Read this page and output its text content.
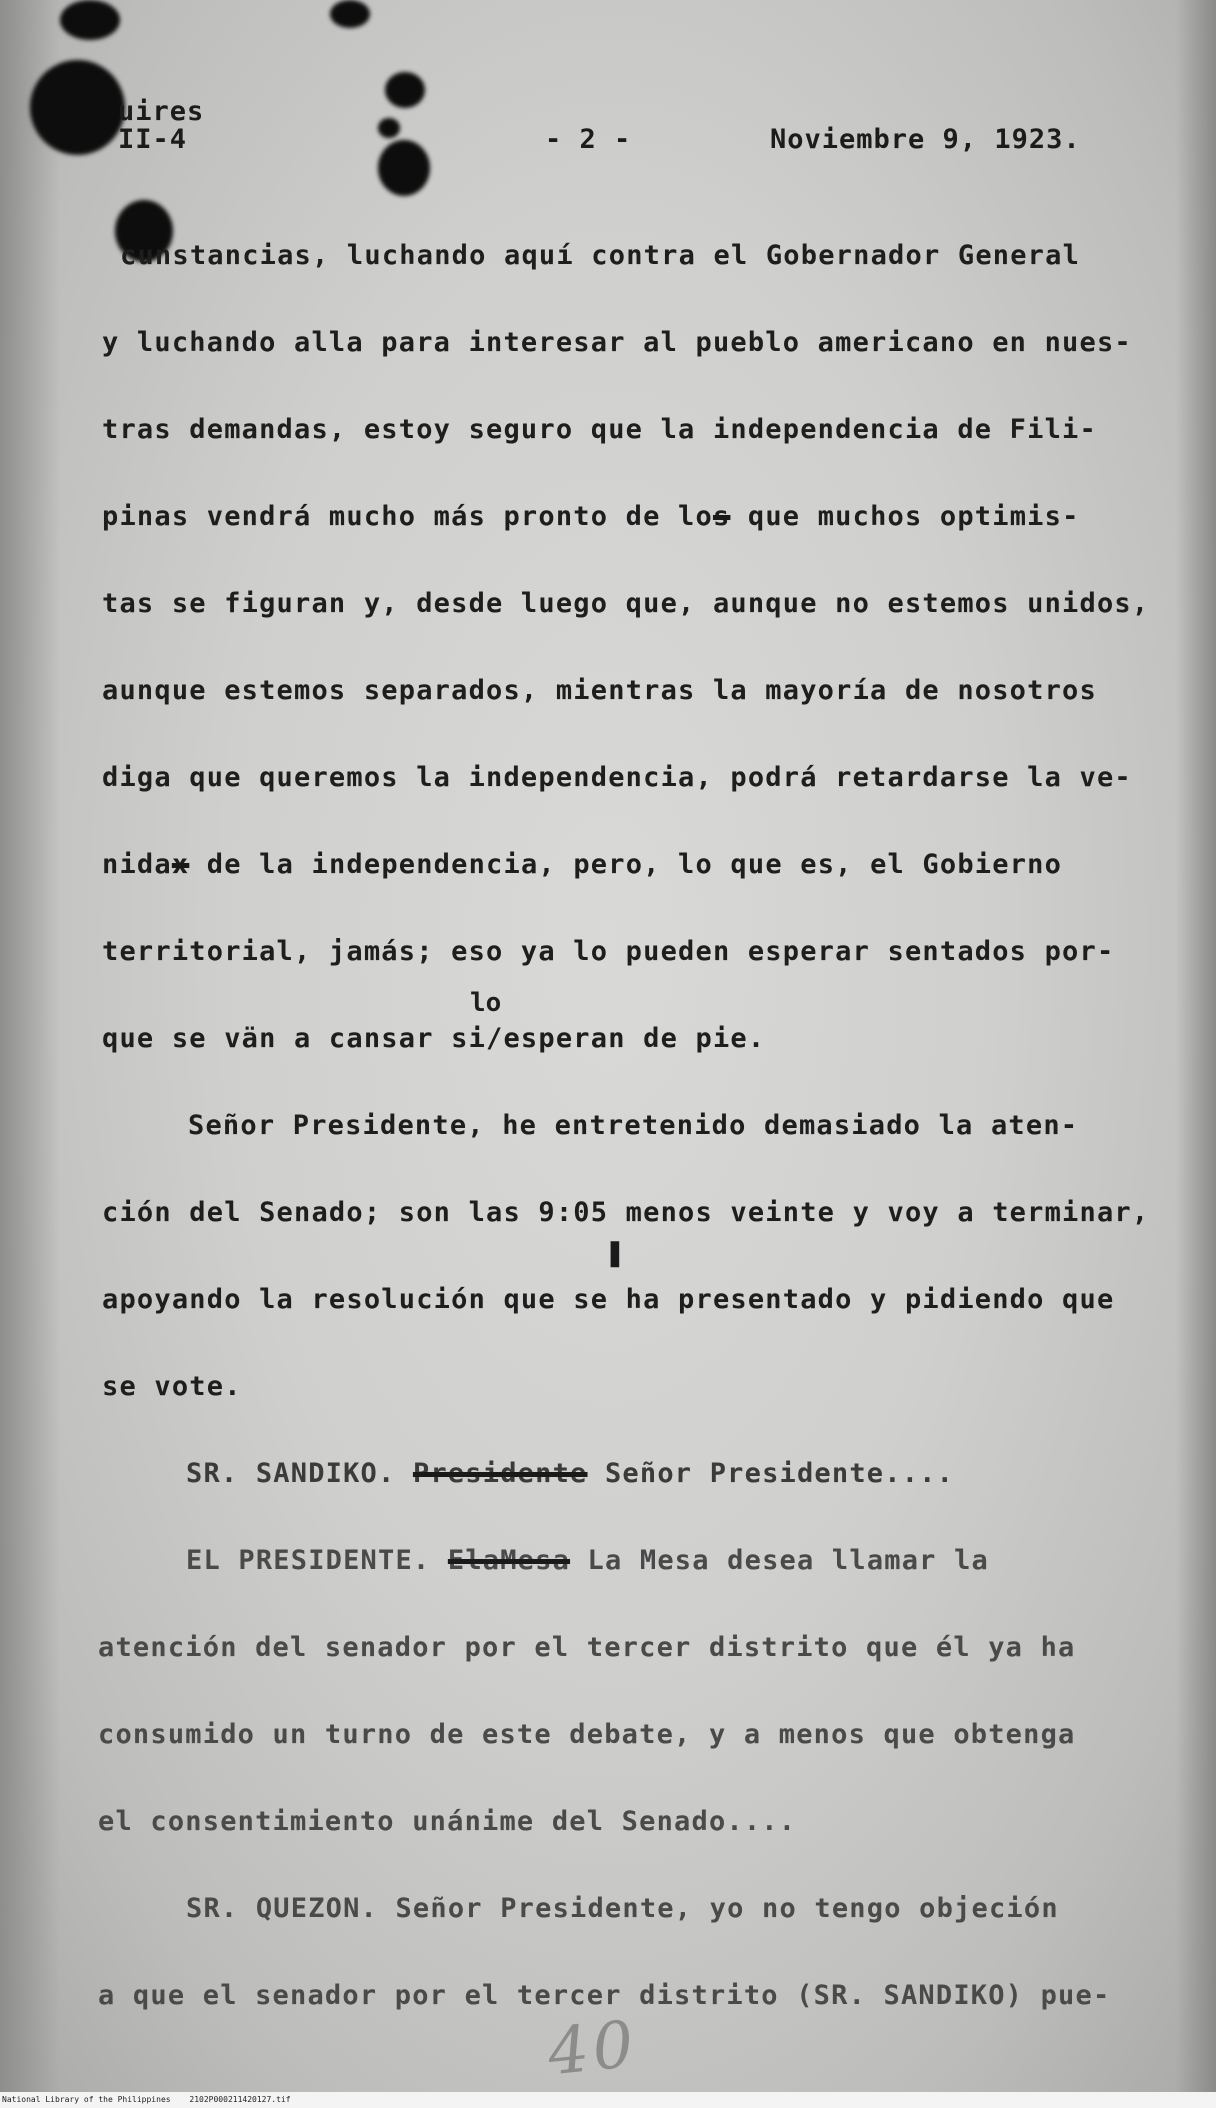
uires
II-4	- 2 -	Noviembre 9, 1923.
cunstancias, luchando aquí contra el Gobernador General
y luchando alla para interesar al pueblo americano en nues-
tras demandas, estoy seguro que la independencia de Fili-
pinas vendrá mucho más pronto de los que muchos optimis-
tas se figuran y, desde luego que, aunque no estemos unidos,
aunque estemos separados, mientras la mayoría de nosotros
diga que queremos la independencia, podrá retardarse la ve-
nidax de la independencia, pero, lo que es, el Gobierno
territorial, jamás; eso ya lo pueden esperar sentados por-
lo
que se vän a cansar si/esperan de pie.
Señor Presidente, he entretenido demasiado la aten-
ción del Senado; son las 9:05 menos veinte y voy a terminar,
❚
apoyando la resolución que se ha presentado y pidiendo que
se vote.
SR. SANDIKO. Presidente Señor Presidente....
EL PRESIDENTE. ElaMesa La Mesa desea llamar la
atención del senador por el tercer distrito que él ya ha
consumido un turno de este debate, y a menos que obtenga
el consentimiento unánime del Senado....
SR. QUEZON. Señor Presidente, yo no tengo objeción
a que el senador por el tercer distrito (SR. SANDIKO) pue-
40
National Library of the Philippines 2102P000211420127.tif
